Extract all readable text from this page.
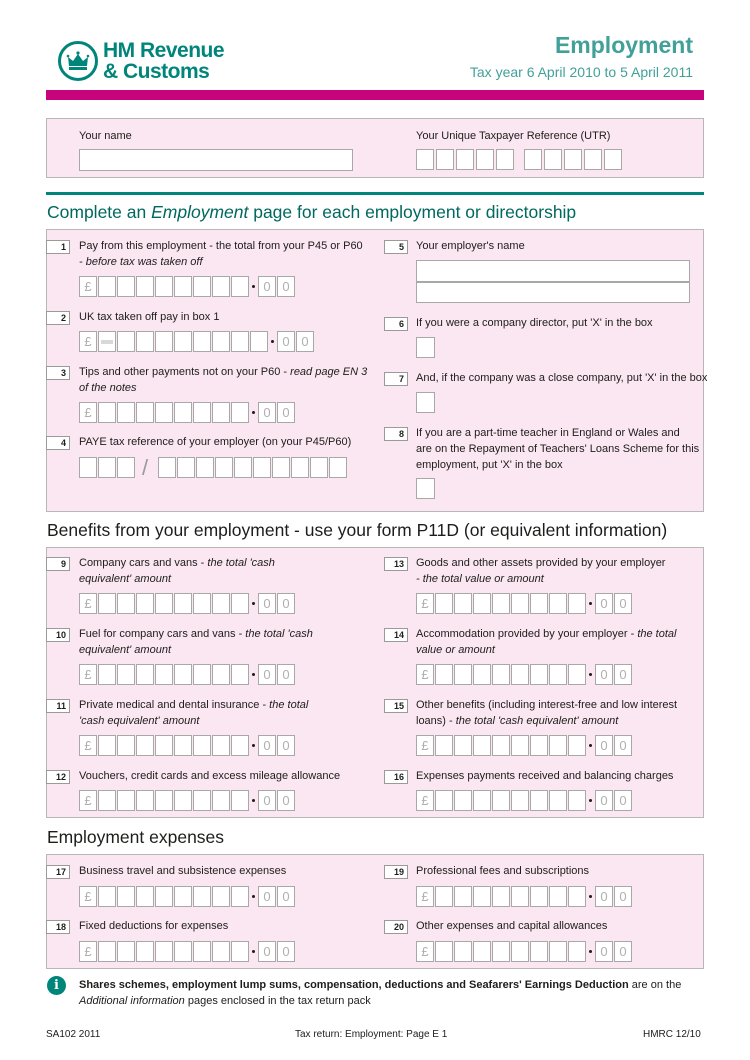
HM Revenue
& Customs
Employment
Tax year 6 April 2010 to 5 April 2011
Your name	Your Unique Taxpayer Reference (UTR)
Complete an Employment page for each employment or directorship
1	Pay from this employment - the total from your P45 or P60
- before tax was taken off
£	0 0
2	UK tax taken off pay in box 1
£	0 0
3	Tips and other payments not on your P60 - read page EN 3
of the notes
£	0 0
4	PAYE tax reference of your employer (on your P45/P60)
/
5	Your employer's name
6	If you were a company director, put 'X' in the box
7	And, if the company was a close company, put 'X' in the box
8	If you are a part-time teacher in England or Wales and
are on the Repayment of Teachers' Loans Scheme for this
employment, put 'X' in the box
Benefits from your employment - use your form P11D (or equivalent information)
9	Company cars and vans - the total 'cash
equivalent' amount
£	0 0
10	Fuel for company cars and vans - the total 'cash
equivalent' amount
£	0 0
11	Private medical and dental insurance - the total
'cash equivalent' amount
£	0 0
12	Vouchers, credit cards and excess mileage allowance
£	0 0
13	Goods and other assets provided by your employer
- the total value or amount
£	0 0
14	Accommodation provided by your employer - the total
value or amount
£	0 0
15	Other benefits (including interest-free and low interest
loans) - the total 'cash equivalent' amount
£	0 0
16	Expenses payments received and balancing charges
£	0 0
Employment expenses
17	Business travel and subsistence expenses
£	0 0
18	Fixed deductions for expenses
£	0 0
19	Professional fees and subscriptions
£	0 0
20	Other expenses and capital allowances
£	0 0
i	Shares schemes, employment lump sums, compensation, deductions and Seafarers' Earnings Deduction are on the
Additional information pages enclosed in the tax return pack
SA102 2011	Tax return: Employment: Page E 1	HMRC 12/10
